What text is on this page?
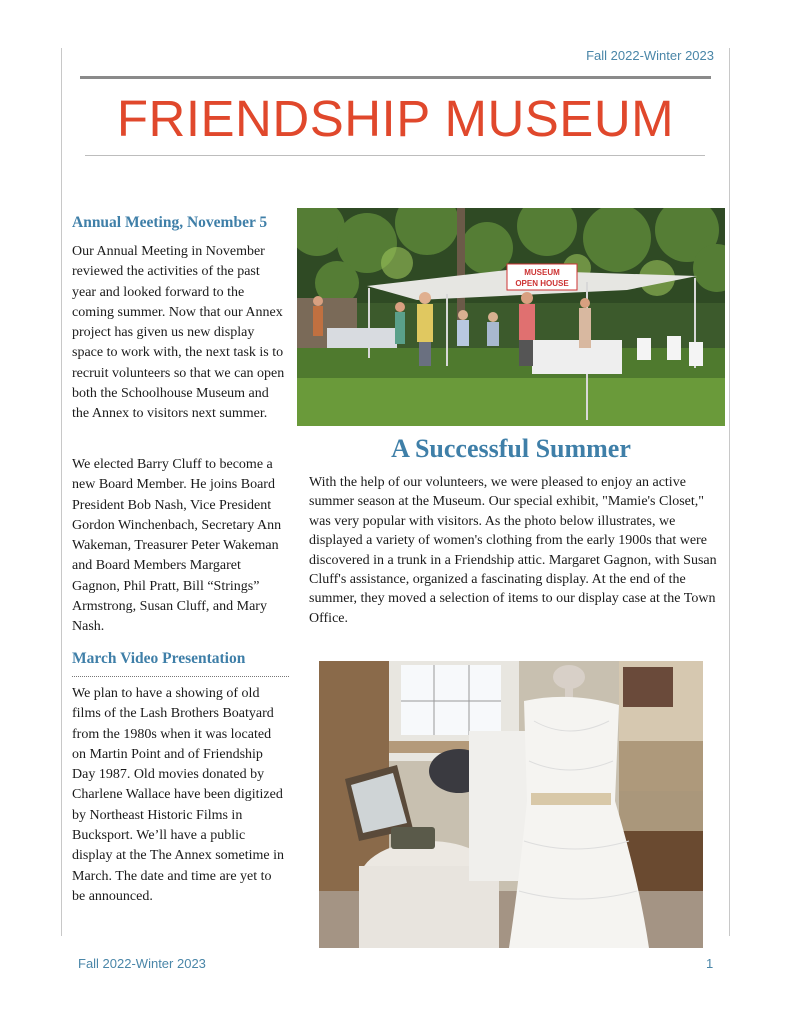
Fall 2022-Winter 2023
FRIENDSHIP MUSEUM
Annual Meeting, November 5
Our Annual Meeting in November reviewed the activities of the past year and looked forward to the coming summer. Now that our Annex project has given us new display space to work with, the next task is to recruit volunteers so that we can open both the Schoolhouse Museum and the Annex to visitors next summer.
We elected Barry Cluff to become a new Board Member. He joins Board President Bob Nash, Vice President Gordon Winchenbach, Secretary Ann Wakeman, Treasurer Peter Wakeman and Board Members Margaret Gagnon, Phil Pratt, Bill “Strings” Armstrong, Susan Cluff, and Mary Nash.
March Video Presentation
We plan to have a showing of old films of the Lash Brothers Boatyard from the 1980s when it was located on Martin Point and of Friendship Day 1987. Old movies donated by Charlene Wallace have been digitized by Northeast Historic Films in Bucksport. We’ll have a public display at the The Annex sometime in March. The date and time are yet to be announced.
MUSEUM
OPEN HOUSE
A Successful Summer
With the help of our volunteers, we were pleased to enjoy an active summer season at the Museum. Our special exhibit, "Mamie's Closet," was very popular with visitors. As the photo below illustrates, we displayed a variety of women's clothing from the early 1900s that were discovered in a trunk in a Friendship attic. Margaret Gagnon, with Susan Cluff's assistance, organized a fascinating display. At the end of the summer, they moved a selection of items to our display case at the Town Office.
Fall 2022-Winter 2023	1
